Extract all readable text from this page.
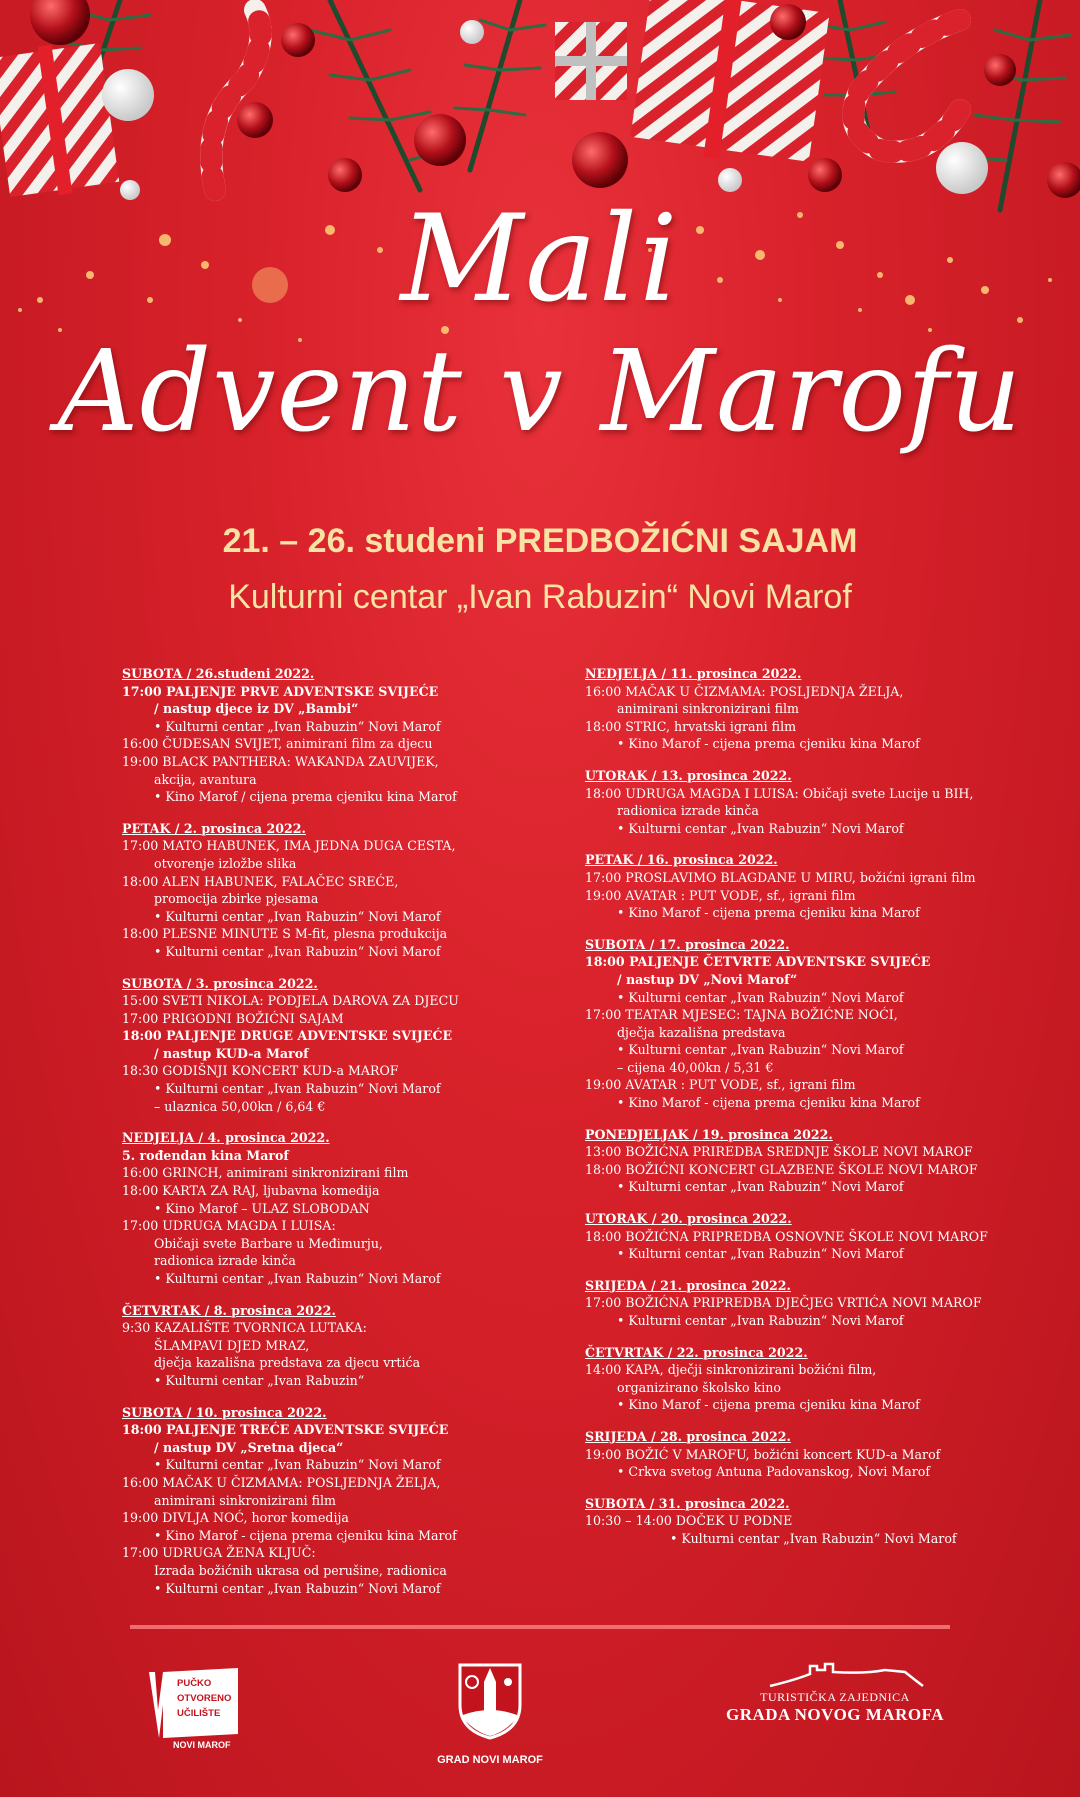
Mali
Advent v Marofu
21. – 26. studeni PREDBOŽIĆNI SAJAM
Kulturni centar „Ivan Rabuzin“ Novi Marof
SUBOTA / 26.studeni 2022.
17:00 PALJENJE PRVE ADVENTSKE SVIJEĆE
/ nastup djece iz DV „Bambi“
• Kulturni centar „Ivan Rabuzin“ Novi Marof
16:00 ČUDESAN SVIJET, animirani film za djecu
19:00 BLACK PANTHERA: WAKANDA ZAUVIJEK,
akcija, avantura
• Kino Marof / cijena prema cjeniku kina Marof
PETAK / 2. prosinca 2022.
17:00 MATO HABUNEK, IMA JEDNA DUGA CESTA,
otvorenje izložbe slika
18:00 ALEN HABUNEK, FALAČEC SREĆE,
promocija zbirke pjesama
• Kulturni centar „Ivan Rabuzin“ Novi Marof
18:00 PLESNE MINUTE S M-fit, plesna produkcija
• Kulturni centar „Ivan Rabuzin“ Novi Marof
SUBOTA / 3. prosinca 2022.
15:00 SVETI NIKOLA: PODJELA DAROVA ZA DJECU
17:00 PRIGODNI BOŽIĆNI SAJAM
18:00 PALJENJE DRUGE ADVENTSKE SVIJEĆE
/ nastup KUD-a Marof
18:30 GODIŠNJI KONCERT KUD-a MAROF
• Kulturni centar „Ivan Rabuzin“ Novi Marof
– ulaznica 50,00kn / 6,64 €
NEDJELJA / 4. prosinca 2022.
5. rođendan kina Marof
16:00 GRINCH, animirani sinkronizirani film
18:00 KARTA ZA RAJ, ljubavna komedija
• Kino Marof – ULAZ SLOBODAN
17:00 UDRUGA MAGDA I LUISA:
Običaji svete Barbare u Međimurju,
radionica izrade kinča
• Kulturni centar „Ivan Rabuzin“ Novi Marof
ČETVRTAK / 8. prosinca 2022.
9:30 KAZALIŠTE TVORNICA LUTAKA:
ŠLAMPAVI DJED MRAZ,
dječja kazališna predstava za djecu vrtića
• Kulturni centar „Ivan Rabuzin“
SUBOTA / 10. prosinca 2022.
18:00 PALJENJE TREĆE ADVENTSKE SVIJEĆE
/ nastup DV „Sretna djeca“
• Kulturni centar „Ivan Rabuzin“ Novi Marof
16:00 MAČAK U ČIZMAMA: POSLJEDNJA ŽELJA,
animirani sinkronizirani film
19:00 DIVLJA NOĆ, horor komedija
• Kino Marof - cijena prema cjeniku kina Marof
17:00 UDRUGA ŽENA KLJUČ:
Izrada božićnih ukrasa od perušine, radionica
• Kulturni centar „Ivan Rabuzin“ Novi Marof
NEDJELJA / 11. prosinca 2022.
16:00 MAČAK U ČIZMAMA: POSLJEDNJA ŽELJA,
animirani sinkronizirani film
18:00 STRIC, hrvatski igrani film
• Kino Marof - cijena prema cjeniku kina Marof
UTORAK / 13. prosinca 2022.
18:00 UDRUGA MAGDA I LUISA: Običaji svete Lucije u BIH,
radionica izrade kinča
• Kulturni centar „Ivan Rabuzin“ Novi Marof
PETAK / 16. prosinca 2022.
17:00 PROSLAVIMO BLAGDANE U MIRU, božićni igrani film
19:00 AVATAR : PUT VODE, sf., igrani film
• Kino Marof - cijena prema cjeniku kina Marof
SUBOTA / 17. prosinca 2022.
18:00 PALJENJE ČETVRTE ADVENTSKE SVIJEĆE
/ nastup DV „Novi Marof“
• Kulturni centar „Ivan Rabuzin“ Novi Marof
17:00 TEATAR MJESEC: TAJNA BOŽIĆNE NOĆI,
dječja kazališna predstava
• Kulturni centar „Ivan Rabuzin“ Novi Marof
– cijena 40,00kn / 5,31 €
19:00 AVATAR : PUT VODE, sf., igrani film
• Kino Marof - cijena prema cjeniku kina Marof
PONEDJELJAK / 19. prosinca 2022.
13:00 BOŽIĆNA PRIREDBA SREDNJE ŠKOLE NOVI MAROF
18:00 BOŽIĆNI KONCERT GLAZBENE ŠKOLE NOVI MAROF
• Kulturni centar „Ivan Rabuzin“ Novi Marof
UTORAK / 20. prosinca 2022.
18:00 BOŽIĆNA PRIPREDBA OSNOVNE ŠKOLE NOVI MAROF
• Kulturni centar „Ivan Rabuzin“ Novi Marof
SRIJEDA / 21. prosinca 2022.
17:00 BOŽIĆNA PRIPREDBA DJEČJEG VRTIĆA NOVI MAROF
• Kulturni centar „Ivan Rabuzin“ Novi Marof
ČETVRTAK / 22. prosinca 2022.
14:00 KAPA, dječji sinkronizirani božićni film,
organizirano školsko kino
• Kino Marof - cijena prema cjeniku kina Marof
SRIJEDA / 28. prosinca 2022.
19:00 BOŽIĆ V MAROFU, božićni koncert KUD-a Marof
• Crkva svetog Antuna Padovanskog, Novi Marof
SUBOTA / 31. prosinca 2022.
10:30 – 14:00 DOČEK U PODNE
• Kulturni centar „Ivan Rabuzin“ Novi Marof
PUČKO
OTVORENO
UČILIŠTE
NOVI MAROF
GRAD NOVI MAROF
TURISTIČKA ZAJEDNICA
GRADA NOVOG MAROFA
